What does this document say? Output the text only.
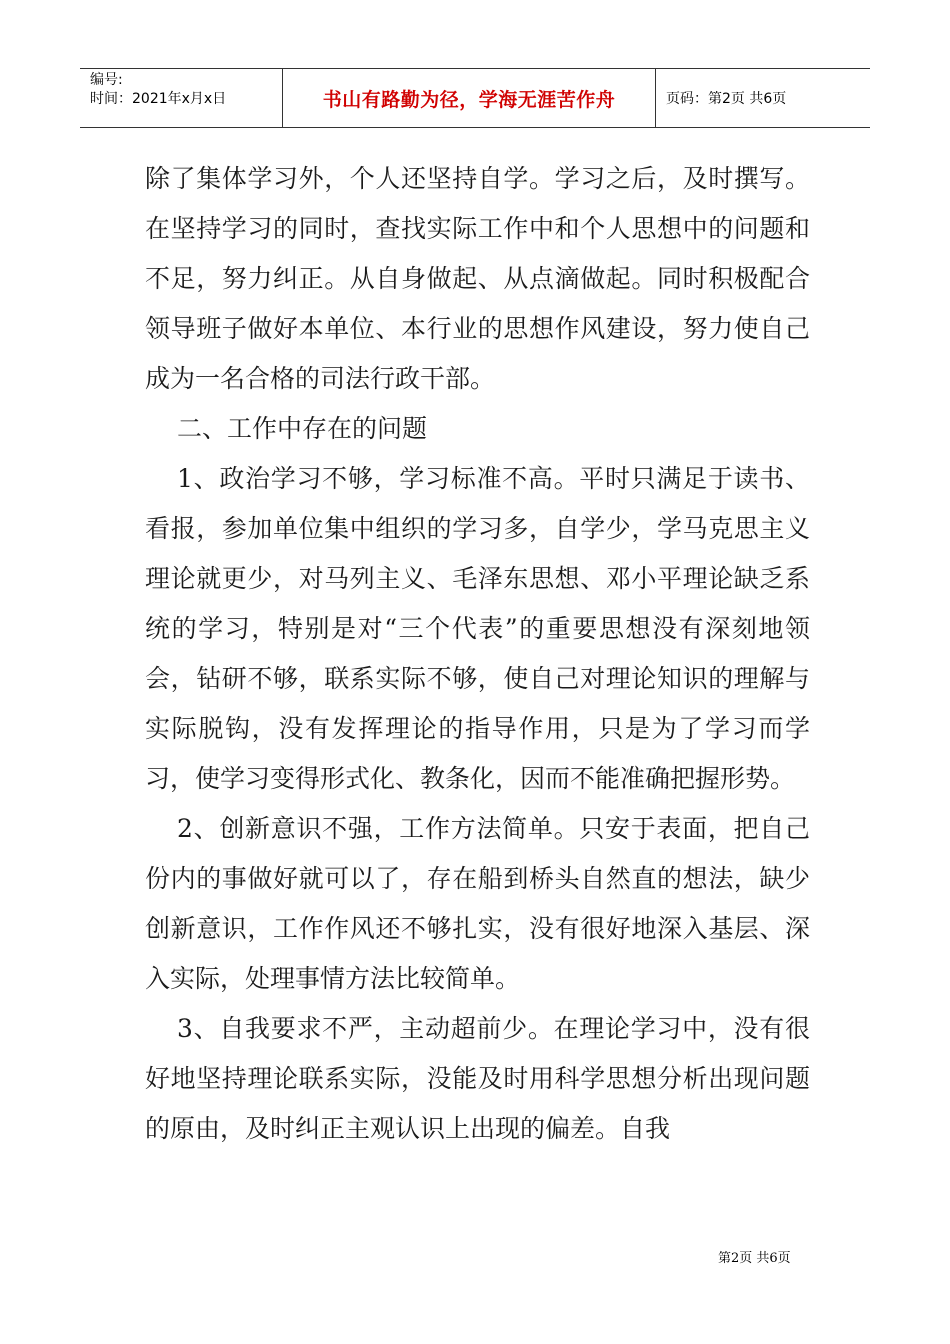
编号:
时间：2021年x月x日	书山有路勤为径，学海无涯苦作舟	页码：第2页 共6页

除了集体学习外，个人还坚持自学。学习之后，及时撰写。在坚持学习的同时，查找实际工作中和个人思想中的问题和不足，努力纠正。从自身做起、从点滴做起。同时积极配合领导班子做好本单位、本行业的思想作风建设，努力使自己成为一名合格的司法行政干部。

二、工作中存在的问题

1、政治学习不够，学习标准不高。平时只满足于读书、看报，参加单位集中组织的学习多，自学少，学马克思主义理论就更少，对马列主义、毛泽东思想、邓小平理论缺乏系统的学习，特别是对“三个代表”的重要思想没有深刻地领会，钻研不够，联系实际不够，使自己对理论知识的理解与实际脱钩，没有发挥理论的指导作用，只是为了学习而学习，使学习变得形式化、教条化，因而不能准确把握形势。

2、创新意识不强，工作方法简单。只安于表面，把自己份内的事做好就可以了，存在船到桥头自然直的想法，缺少创新意识，工作作风还不够扎实，没有很好地深入基层、深入实际，处理事情方法比较简单。

3、自我要求不严，主动超前少。在理论学习中，没有很好地坚持理论联系实际，没能及时用科学思想分析出现问题的原由，及时纠正主观认识上出现的偏差。自我

第2页 共6页
